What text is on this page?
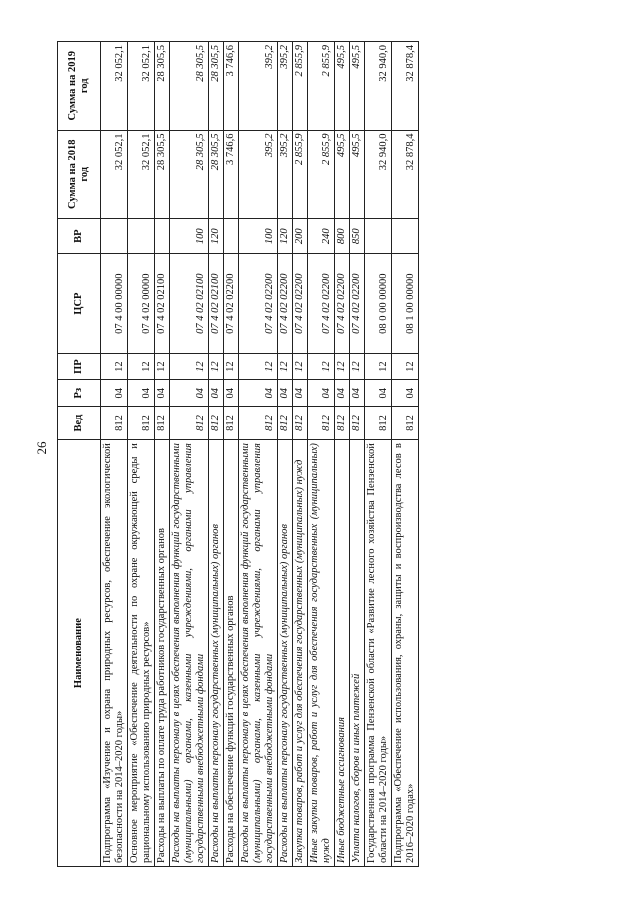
26
Наименование	Вед	Рз	ПР	ЦСР	ВР	Сумма на 2018 год	Сумма на 2019 год
Подпрограмма «Изучение и охрана природных ресурсов, обеспечение экологической безопасности на 2014–2020 годы»	812	04	12	07 4 00 00000		32 052,1	32 052,1
Основное мероприятие «Обеспечение деятельности по охране окружающей среды и рациональному использованию природных ресурсов»	812	04	12	07 4 02 00000		32 052,1	32 052,1
Расходы на выплаты по оплате труда работников государственных органов	812	04	12	07 4 02 02100		28 305,5	28 305,5
Расходы на выплаты персоналу в целях обеспечения выполнения функций государственными (муниципальными) органами, казенными учреждениями, органами управления государственными внебюджетными фондами	812	04	12	07 4 02 02100	100	28 305,5	28 305,5
Расходы на выплаты персоналу государственных (муниципальных) органов	812	04	12	07 4 02 02100	120	28 305,5	28 305,5
Расходы на обеспечение функций государственных органов	812	04	12	07 4 02 02200		3 746,6	3 746,6
Расходы на выплаты персоналу в целях обеспечения выполнения функций государственными (муниципальными) органами, казенными учреждениями, органами управления государственными внебюджетными фондами	812	04	12	07 4 02 02200	100	395,2	395,2
Расходы на выплаты персоналу государственных (муниципальных) органов	812	04	12	07 4 02 02200	120	395,2	395,2
Закупка товаров, работ и услуг для обеспечения государственных (муниципальных) нужд	812	04	12	07 4 02 02200	200	2 855,9	2 855,9
Иные закупки товаров, работ и услуг для обеспечения государственных (муниципальных) нужд	812	04	12	07 4 02 02200	240	2 855,9	2 855,9
Иные бюджетные ассигнования	812	04	12	07 4 02 02200	800	495,5	495,5
Уплата налогов, сборов и иных платежей	812	04	12	07 4 02 02200	850	495,5	495,5
Государственная программа Пензенской области «Развитие лесного хозяйства Пензенской области на 2014–2020 годы»	812	04	12	08 0 00 00000		32 940,0	32 940,0
Подпрограмма «Обеспечение использования, охраны, защиты и воспроизводства лесов в 2016–2020 годах»	812	04	12	08 1 00 00000		32 878,4	32 878,4
